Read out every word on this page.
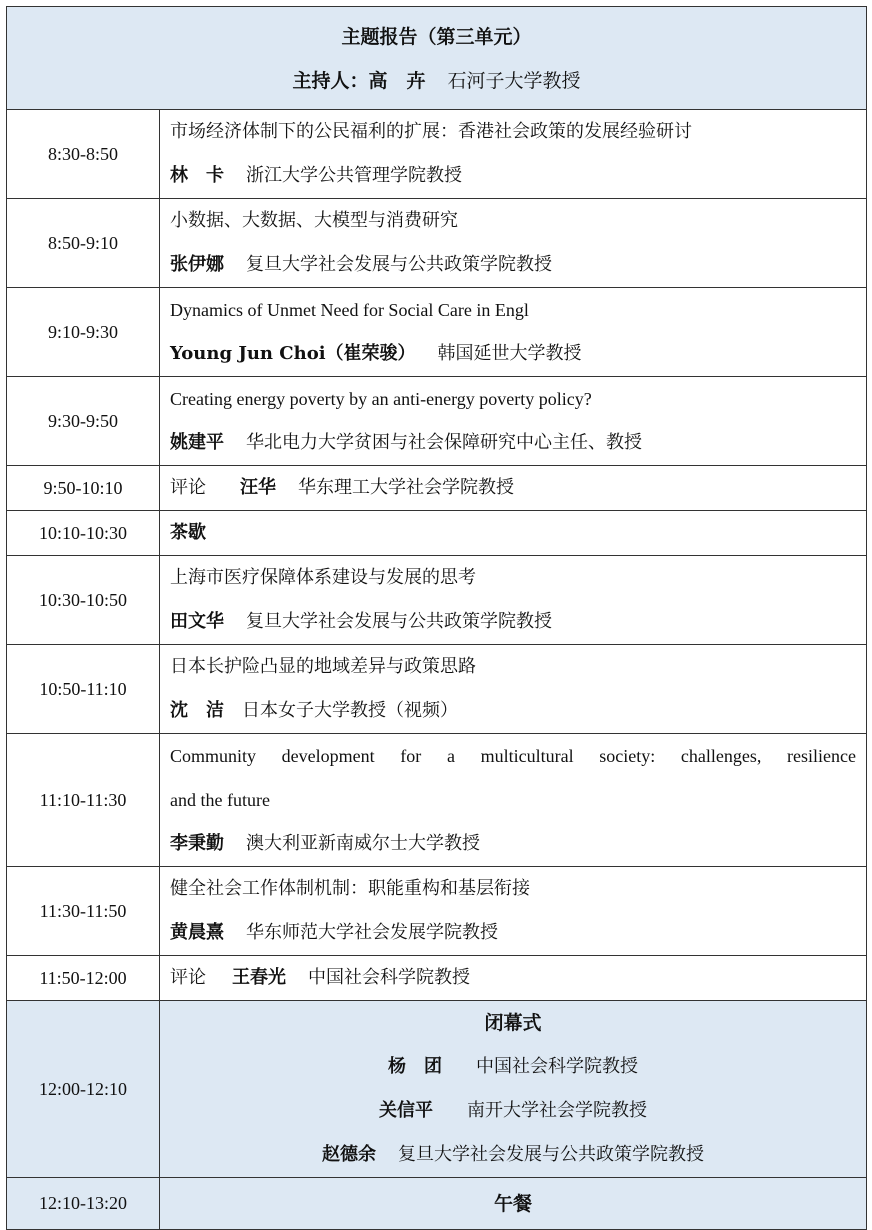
主题报告（第三单元）
主持人：高　卉 石河子大学教授	

8:30-8:50	市场经济体制下的公民福利的扩展：香港社会政策的发展经验研讨
林　卡 浙江大学公共管理学院教授

8:50-9:10	小数据、大数据、大模型与消费研究
张伊娜 复旦大学社会发展与公共政策学院教授

9:10-9:30	Dynamics of Unmet Need for Social Care in Engl
Young Jun Choi（崔荣骏） 韩国延世大学教授

9:30-9:50	Creating energy poverty by an anti-energy poverty policy?
姚建平 华北电力大学贫困与社会保障研究中心主任、教授

9:50-10:10	评论 汪华 华东理工大学社会学院教授

10:10-10:30	茶歇

10:30-10:50	上海市医疗保障体系建设与发展的思考
田文华 复旦大学社会发展与公共政策学院教授

10:50-11:10	日本长护险凸显的地域差异与政策思路
沈　洁 日本女子大学教授（视频）

11:10-11:30	Community development for a multicultural society: challenges, resilience
and the future
李秉勤 澳大利亚新南威尔士大学教授

11:30-11:50	健全社会工作体制机制：职能重构和基层衔接
黄晨熹 华东师范大学社会发展学院教授

11:50-12:00	评论 王春光 中国社会科学院教授

12:00-12:10	闭幕式
杨　团 中国社会科学院教授
关信平 南开大学社会学院教授
赵德余 复旦大学社会发展与公共政策学院教授

12:10-13:20	午餐
